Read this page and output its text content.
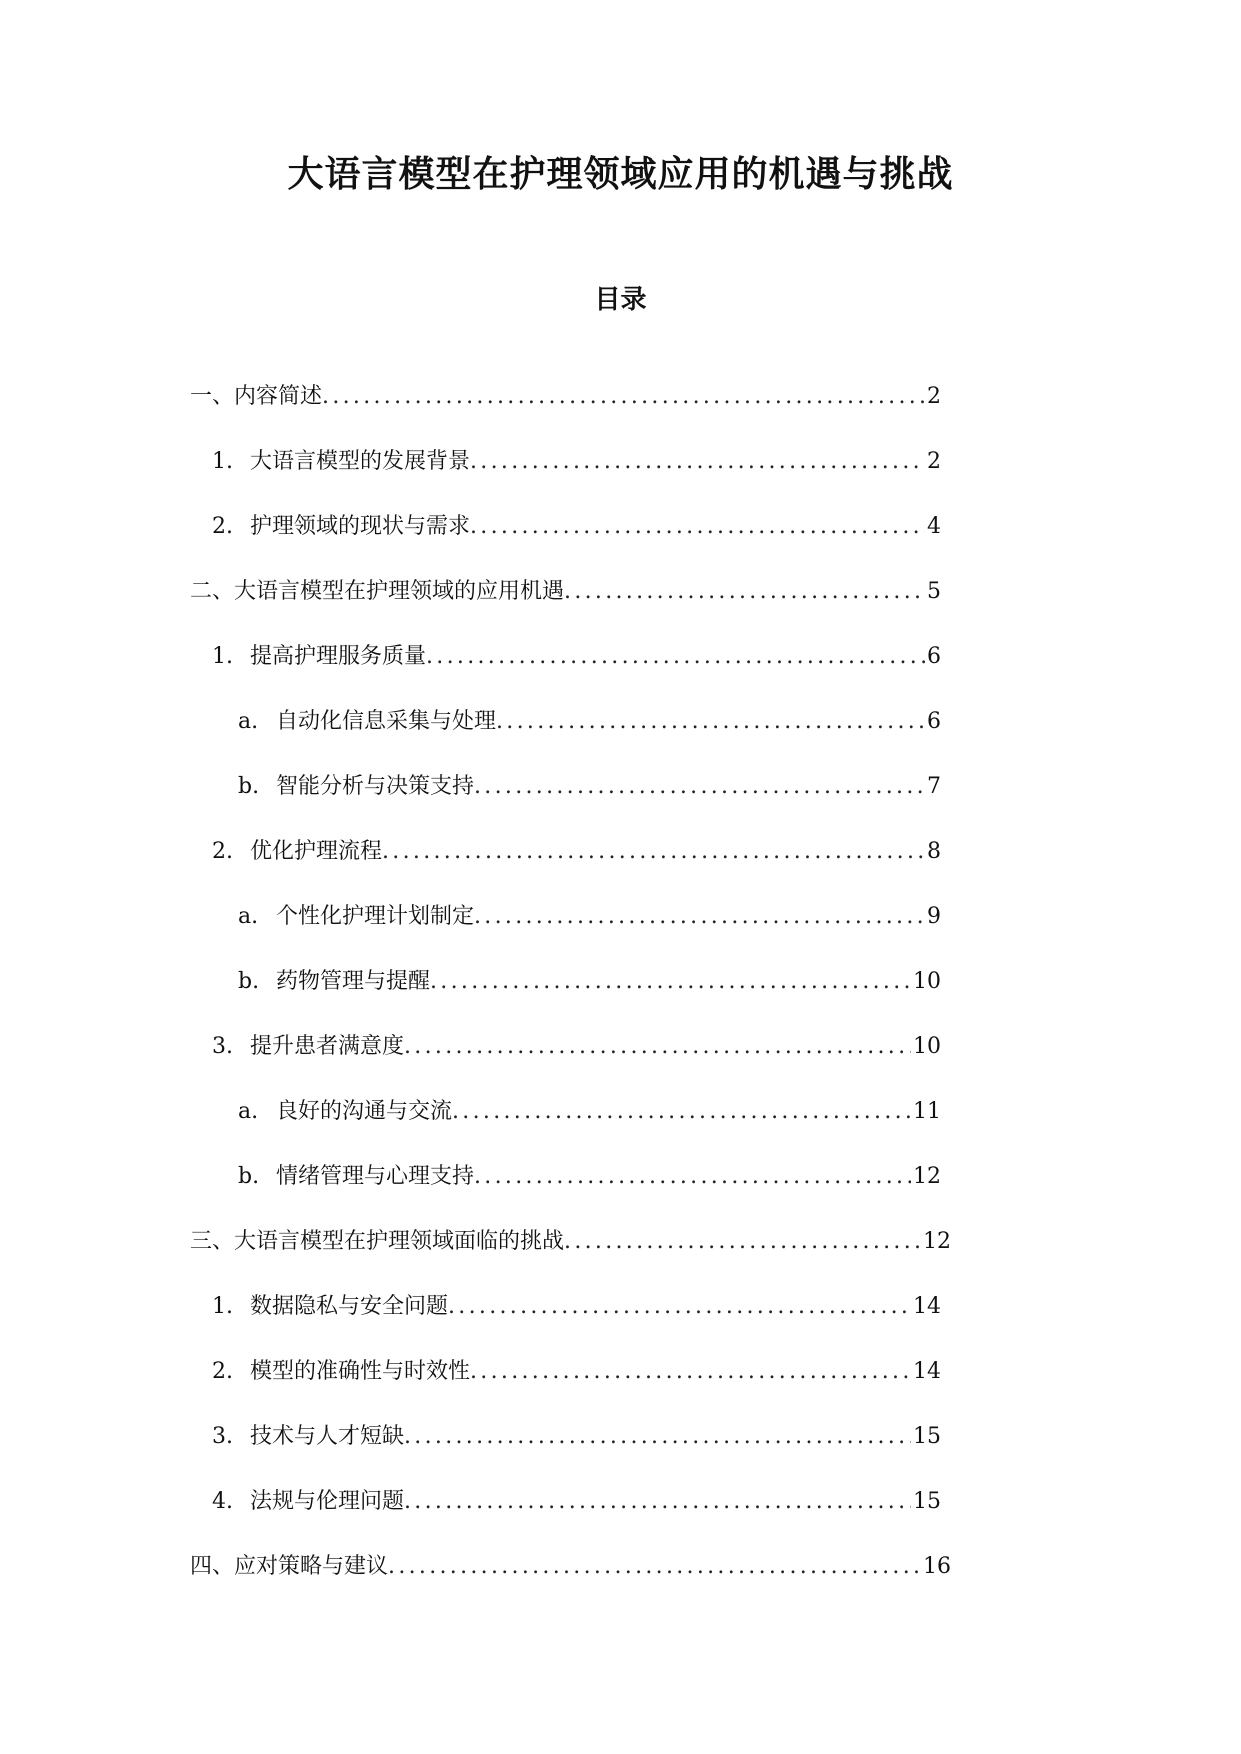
大语言模型在护理领域应用的机遇与挑战
目录
一、 内容简述 .....	2
1. 大语言模型的发展背景 .....	2
2. 护理领域的现状与需求 .....	4
二、 大语言模型在护理领域的应用机遇 .....	5
1. 提高护理服务质量 .....	6
a. 自动化信息采集与处理 .....	6
b. 智能分析与决策支持 .....	7
2. 优化护理流程 .....	8
a. 个性化护理计划制定 .....	9
b. 药物管理与提醒 .....	10
3. 提升患者满意度 .....	10
a. 良好的沟通与交流 .....	11
b. 情绪管理与心理支持 .....	12
三、 大语言模型在护理领域面临的挑战 .....	12
1. 数据隐私与安全问题 .....	14
2. 模型的准确性与时效性 .....	14
3. 技术与人才短缺 .....	15
4. 法规与伦理问题 .....	15
四、 应对策略与建议 .....	16
